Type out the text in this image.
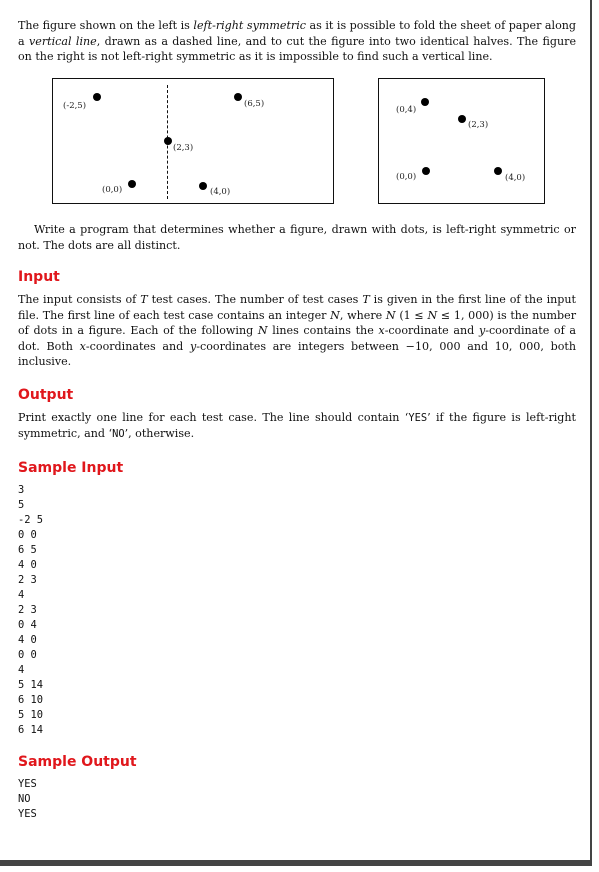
The figure shown on the left is left-right symmetric as it is possible to fold the sheet of paper along a vertical line, drawn as a dashed line, and to cut the figure into two identical halves. The figure on the right is not left-right symmetric as it is impossible to find such a vertical line.

(-2,5)	(6,5)
(2,3)
(0,0)	(4,0)
(0,4)
(2,3)
(0,0)	(4,0)

Write a program that determines whether a figure, drawn with dots, is left-right symmetric or not. The dots are all distinct.

Input

The input consists of T test cases. The number of test cases T is given in the first line of the input file. The first line of each test case contains an integer N, where N (1 ≤ N ≤ 1, 000) is the number of dots in a figure. Each of the following N lines contains the x-coordinate and y-coordinate of a dot. Both x-coordinates and y-coordinates are integers between −10, 000 and 10, 000, both inclusive.

Output

Print exactly one line for each test case. The line should contain ‘YES’ if the figure is left-right symmetric, and ‘NO’, otherwise.

Sample Input
3
5
-2 5
0 0
6 5
4 0
2 3
4
2 3
0 4
4 0
0 0
4
5 14
6 10
5 10
6 14
Sample Output
YES
NO
YES
